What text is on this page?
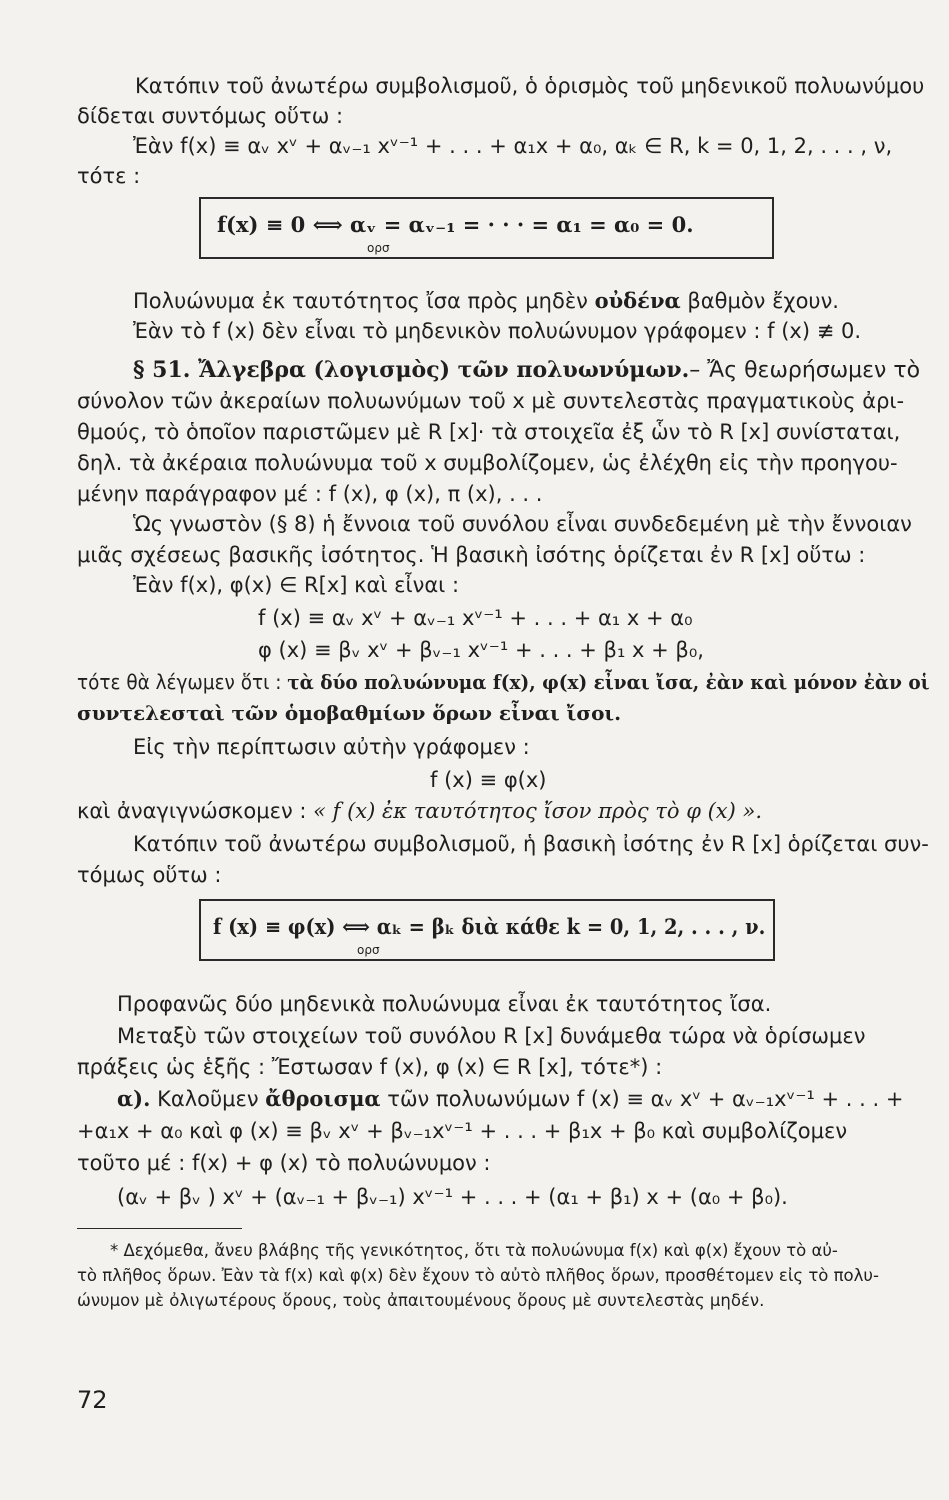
Κατόπιν τοῦ ἀνωτέρω συμβολισμοῦ, ὁ ὁρισμὸς τοῦ μηδενικοῦ πολυωνύμου

δίδεται συντόμως οὕτω :

Ἐὰν f(x) ≡ αᵥ xᵛ + αᵥ₋₁ xᵛ⁻¹ + . . . + α₁x + α₀, αₖ ∈ R, k = 0, 1, 2, . . . , ν,

τότε :

f(x) ≡ 0 ⟺ αᵥ = αᵥ₋₁ = · · · = α₁ = α₀ = 0.
ορσ

Πολυώνυμα ἐκ ταυτότητος ἴσα πρὸς μηδὲν οὐδένα βαθμὸν ἔχουν.

Ἐὰν τὸ f (x) δὲν εἶναι τὸ μηδενικὸν πολυώνυμον γράφομεν : f (x) ≢ 0.

§ 51. Ἄλγεβρα (λογισμὸς) τῶν πολυωνύμων.– Ἄς θεωρήσωμεν τὸ

σύνολον τῶν ἀκεραίων πολυωνύμων τοῦ x μὲ συντελεστὰς πραγματικοὺς ἀρι-

θμούς, τὸ ὁποῖον παριστῶμεν μὲ R [x]· τὰ στοιχεῖα ἐξ ὧν τὸ R [x] συνίσταται,

δηλ. τὰ ἀκέραια πολυώνυμα τοῦ x συμβολίζομεν, ὡς ἐλέχθη εἰς τὴν προηγου-

μένην παράγραφον μέ : f (x), φ (x), π (x), . . .

Ὡς γνωστὸν (§ 8) ἡ ἔννοια τοῦ συνόλου εἶναι συνδεδεμένη μὲ τὴν ἔννοιαν

μιᾶς σχέσεως βασικῆς ἰσότητος. Ἡ βασικὴ ἰσότης ὁρίζεται ἐν R [x] οὕτω :

Ἐὰν f(x), φ(x) ∈ R[x] καὶ εἶναι :

f (x) ≡ αᵥ xᵛ + αᵥ₋₁ xᵛ⁻¹ + . . . + α₁ x + α₀

φ (x) ≡ βᵥ xᵛ + βᵥ₋₁ xᵛ⁻¹ + . . . + β₁ x + β₀,

τότε θὰ λέγωμεν ὅτι : τὰ δύο πολυώνυμα f(x), φ(x) εἶναι ἴσα, ἐὰν καὶ μόνον ἐὰν οἱ

συντελεσταὶ τῶν ὁμοβαθμίων ὅρων εἶναι ἴσοι.

Εἰς τὴν περίπτωσιν αὐτὴν γράφομεν :

f (x) ≡ φ(x)

καὶ ἀναγιγνώσκομεν : « f (x) ἐκ ταυτότητος ἴσον πρὸς τὸ φ (x) ».

Κατόπιν τοῦ ἀνωτέρω συμβολισμοῦ, ἡ βασικὴ ἰσότης ἐν R [x] ὁρίζεται συν-

τόμως οὕτω :

f (x) ≡ φ(x) ⟺ αₖ = βₖ διὰ κάθε k = 0, 1, 2, . . . , ν.
ορσ

Προφανῶς δύο μηδενικὰ πολυώνυμα εἶναι ἐκ ταυτότητος ἴσα.

Μεταξὺ τῶν στοιχείων τοῦ συνόλου R [x] δυνάμεθα τώρα νὰ ὁρίσωμεν

πράξεις ὡς ἑξῆς : Ἔστωσαν f (x), φ (x) ∈ R [x], τότε*) :

α). Καλοῦμεν ἄθροισμα τῶν πολυωνύμων f (x) ≡ αᵥ xᵛ + αᵥ₋₁xᵛ⁻¹ + . . . +

+α₁x + α₀ καὶ φ (x) ≡ βᵥ xᵛ + βᵥ₋₁xᵛ⁻¹ + . . . + β₁x + β₀ καὶ συμβολίζομεν

τοῦτο μέ : f(x) + φ (x) τὸ πολυώνυμον :

(αᵥ + βᵥ ) xᵛ + (αᵥ₋₁ + βᵥ₋₁) xᵛ⁻¹ + . . . + (α₁ + β₁) x + (α₀ + β₀).

* Δεχόμεθα, ἄνευ βλάβης τῆς γενικότητος, ὅτι τὰ πολυώνυμα f(x) καὶ φ(x) ἔχουν τὸ αὐ-

τὸ πλῆθος ὅρων. Ἐὰν τὰ f(x) καὶ φ(x) δὲν ἔχουν τὸ αὐτὸ πλῆθος ὅρων, προσθέτομεν εἰς τὸ πολυ-

ώνυμον μὲ ὀλιγωτέρους ὅρους, τοὺς ἀπαιτουμένους ὅρους μὲ συντελεστὰς μηδέν.

72
